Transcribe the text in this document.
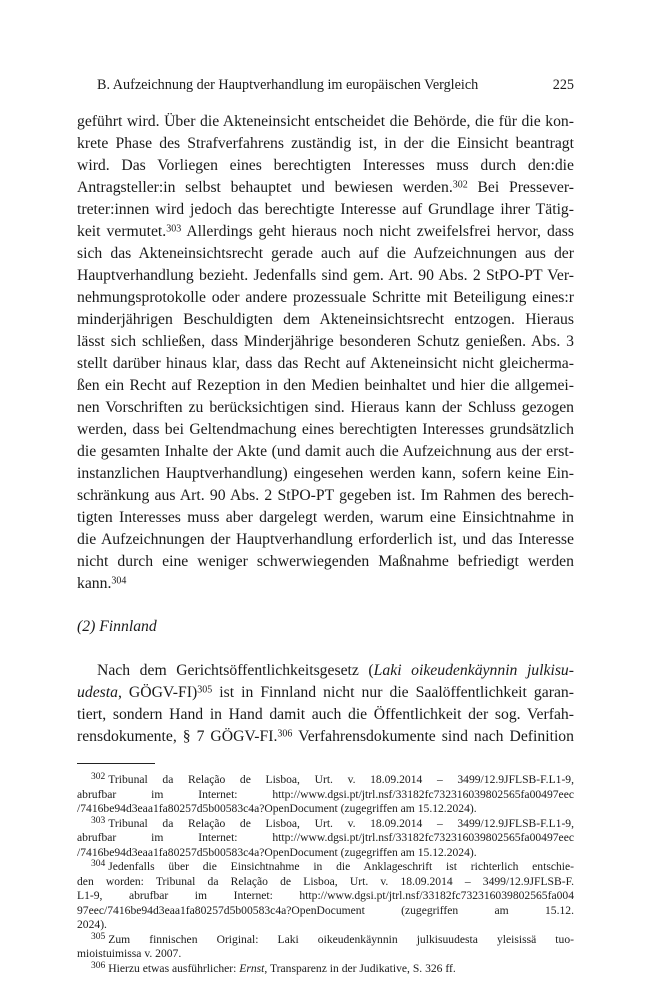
B. Aufzeichnung der Hauptverhandlung im europäischen Vergleich	225
geführt wird. Über die Akteneinsicht entscheidet die Behörde, die für die kon-
krete Phase des Strafverfahrens zuständig ist, in der die Einsicht beantragt
wird. Das Vorliegen eines berechtigten Interesses muss durch den:die
Antragsteller:in selbst behauptet und bewiesen werden.$^{302}$ Bei Pressever-
treter:innen wird jedoch das berechtigte Interesse auf Grundlage ihrer Tätig-
keit vermutet.$^{303}$ Allerdings geht hieraus noch nicht zweifelsfrei hervor, dass
sich das Akteneinsichtsrecht gerade auch auf die Aufzeichnungen aus der
Hauptverhandlung bezieht. Jedenfalls sind gem. Art. 90 Abs. 2 StPO-PT Ver-
nehmungsprotokolle oder andere prozessuale Schritte mit Beteiligung eines:r
minderjährigen Beschuldigten dem Akteneinsichtsrecht entzogen. Hieraus
lässt sich schließen, dass Minderjährige besonderen Schutz genießen. Abs. 3
stellt darüber hinaus klar, dass das Recht auf Akteneinsicht nicht gleicherma-
ßen ein Recht auf Rezeption in den Medien beinhaltet und hier die allgemei-
nen Vorschriften zu berücksichtigen sind. Hieraus kann der Schluss gezogen
werden, dass bei Geltendmachung eines berechtigten Interesses grundsätzlich
die gesamten Inhalte der Akte (und damit auch die Aufzeichnung aus der erst-
instanzlichen Hauptverhandlung) eingesehen werden kann, sofern keine Ein-
schränkung aus Art. 90 Abs. 2 StPO-PT gegeben ist. Im Rahmen des berech-
tigten Interesses muss aber dargelegt werden, warum eine Einsichtnahme in
die Aufzeichnungen der Hauptverhandlung erforderlich ist, und das Interesse
nicht durch eine weniger schwerwiegenden Maßnahme befriedigt werden
kann.$^{304}$
(2) Finnland
Nach dem Gerichtsöffentlichkeitsgesetz (Laki oikeudenkäynnin julkisu-
udesta, GÖGV-FI)$^{305}$ ist in Finnland nicht nur die Saalöffentlichkeit garan-
tiert, sondern Hand in Hand damit auch die Öffentlichkeit der sog. Verfah-
rensdokumente, § 7 GÖGV-FI.$^{306}$ Verfahrensdokumente sind nach Definition
$^{302}$ Tribunal da Relação de Lisboa, Urt. v. 18.09.2014 – 3499/12.9JFLSB-F.L1-9,
abrufbar im Internet: http://www.dgsi.pt/jtrl.nsf/33182fc732316039802565fa00497eec
/7416be94d3eaa1fa80257d5b00583c4a?OpenDocument (zugegriffen am 15.12.2024).
$^{303}$ Tribunal da Relação de Lisboa, Urt. v. 18.09.2014 – 3499/12.9JFLSB-F.L1-9,
abrufbar im Internet: http://www.dgsi.pt/jtrl.nsf/33182fc732316039802565fa00497eec
/7416be94d3eaa1fa80257d5b00583c4a?OpenDocument (zugegriffen am 15.12.2024).
$^{304}$ Jedenfalls über die Einsichtnahme in die Anklageschrift ist richterlich entschie-
den worden: Tribunal da Relação de Lisboa, Urt. v. 18.09.2014 – 3499/12.9JFLSB-F.
L1-9, abrufbar im Internet: http://www.dgsi.pt/jtrl.nsf/33182fc732316039802565fa004
97eec/7416be94d3eaa1fa80257d5b00583c4a?OpenDocument (zugegriffen am 15.12.
2024).
$^{305}$ Zum finnischen Original: Laki oikeudenkäynnin julkisuudesta yleisissä tuo-
mioistuimissa v. 2007.
$^{306}$ Hierzu etwas ausführlicher: Ernst, Transparenz in der Judikative, S. 326 ff.
